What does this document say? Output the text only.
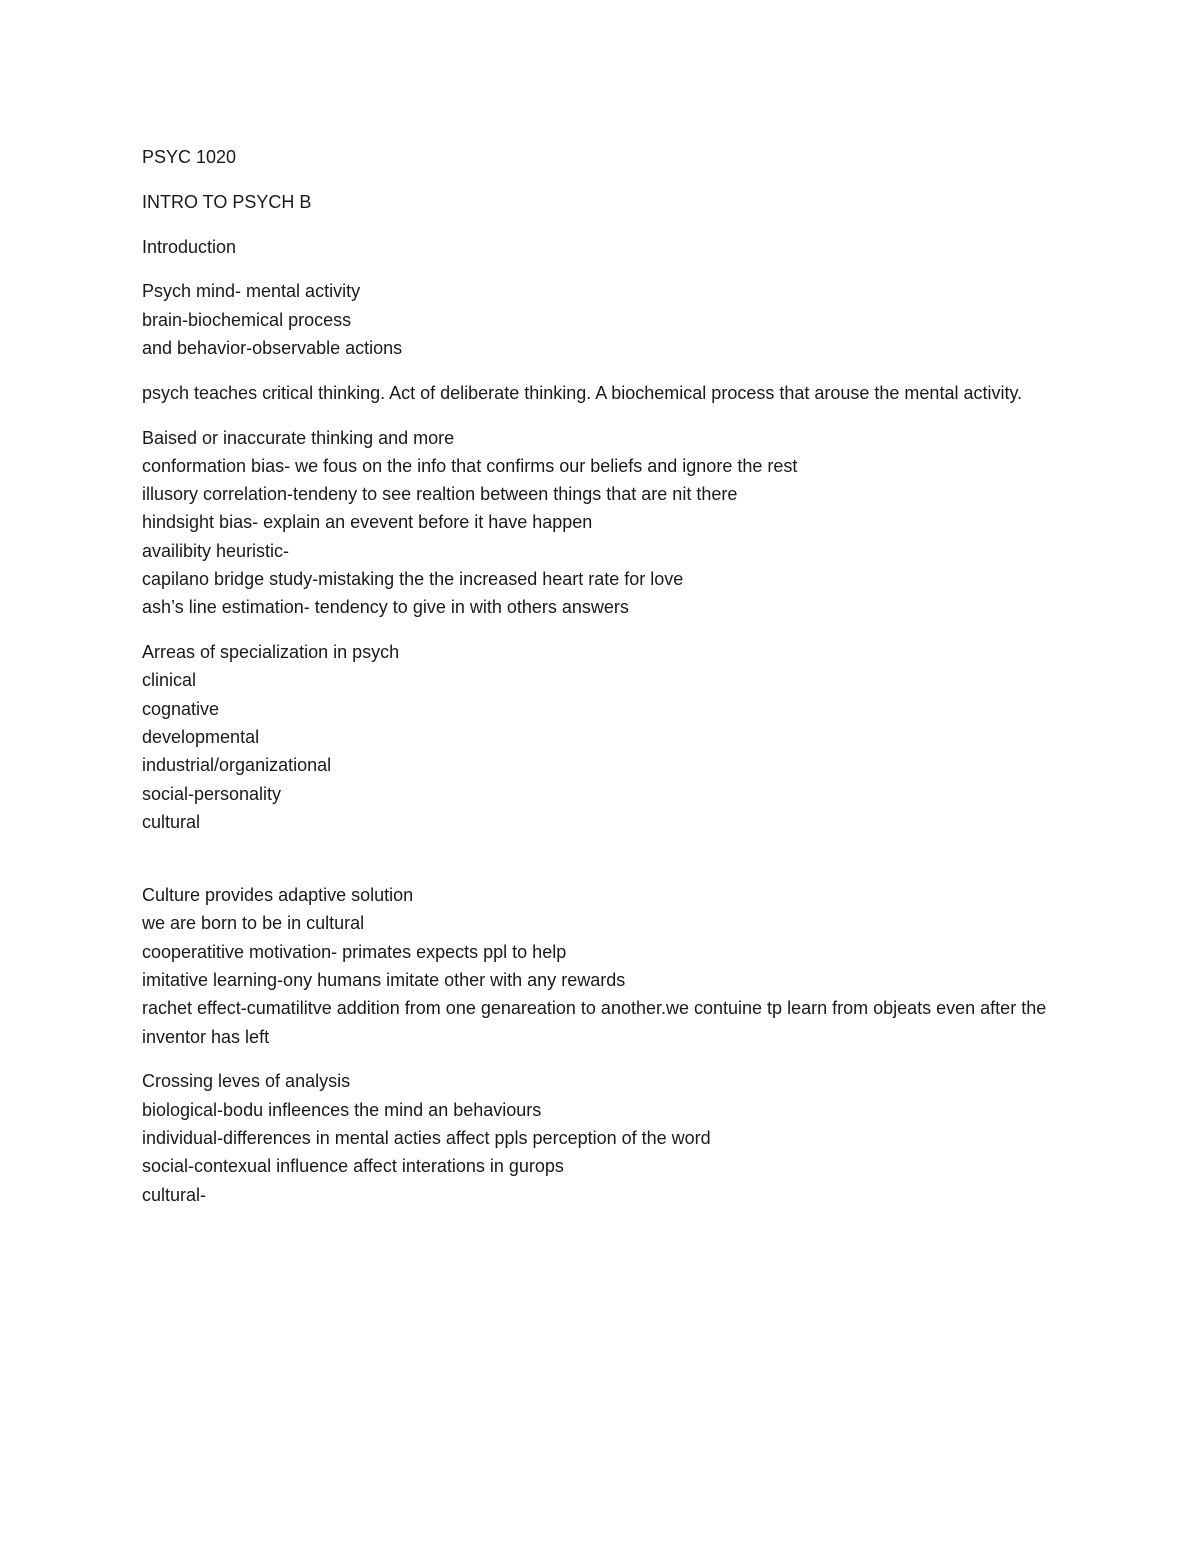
PSYC 1020

INTRO TO PSYCH B

Introduction

Psych mind- mental activity
brain-biochemical process
and behavior-observable actions

psych teaches critical thinking. Act of deliberate thinking. A biochemical process that arouse the mental activity.

Baised or inaccurate thinking and more
conformation bias- we fous on the info that confirms our beliefs and ignore the rest
illusory correlation-tendeny to see realtion between things that are nit there
hindsight bias- explain an evevent before it have happen
availibity heuristic-
capilano bridge study-mistaking the the increased heart rate for love
ash’s line estimation- tendency to give in with others answers

Arreas of specialization in psych
clinical
cognative
developmental
industrial/organizational
social-personality
cultural

Culture provides adaptive solution
we are born to be in cultural
cooperatitive motivation- primates expects ppl to help
imitative learning-ony humans imitate other with any rewards
rachet effect-cumatilitve addition from one genareation to another.we contuine tp learn from objeats even after the inventor has left

Crossing leves of analysis
biological-bodu infleences the mind an behaviours
individual-differences in mental acties affect ppls perception of the word
social-contexual influence affect interations in gurops
cultural-
